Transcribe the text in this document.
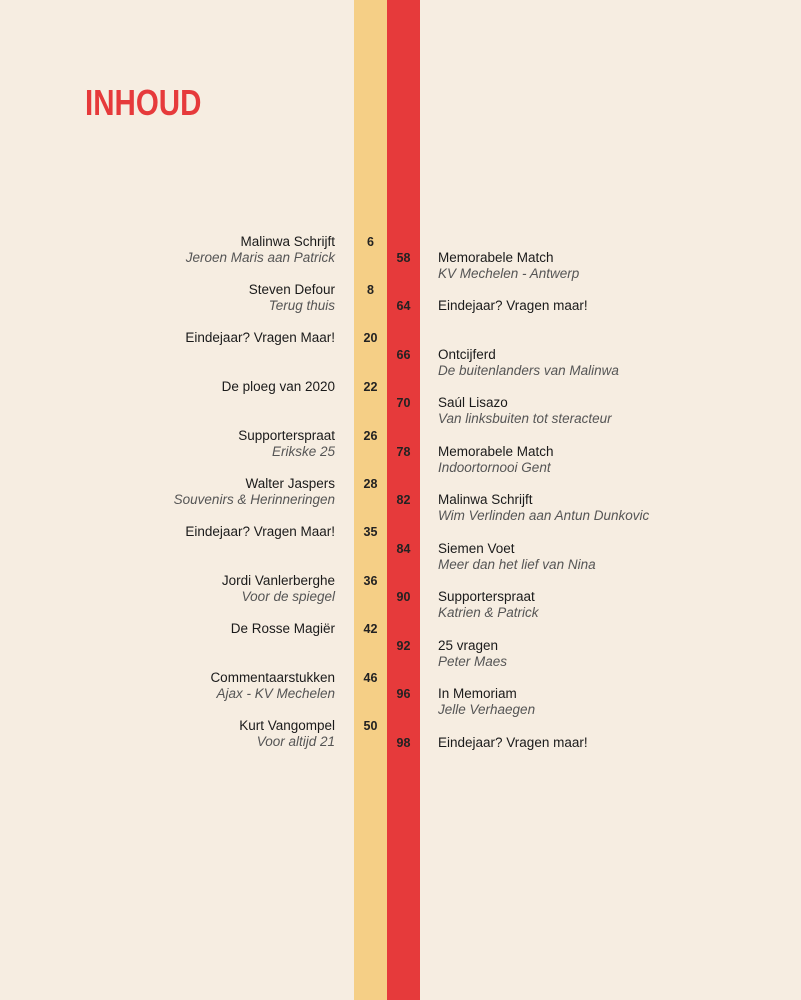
INHOUD
Malinwa Schrijft
Jeroen Maris aan Patrick
6
Steven Defour
Terug thuis
8
Eindejaar? Vragen Maar!	20
De ploeg van 2020	22
Supporterspraat
Erikske 25
26
Walter Jaspers
Souvenirs & Herinneringen
28
Eindejaar? Vragen Maar!	35
Jordi Vanlerberghe
Voor de spiegel
36
De Rosse Magiër	42
Commentaarstukken
Ajax - KV Mechelen
46
Kurt Vangompel
Voor altijd 21
50
58	Memorabele Match
KV Mechelen - Antwerp
64	Eindejaar? Vragen maar!
66	Ontcijferd
De buitenlanders van Malinwa
70	Saúl Lisazo
Van linksbuiten tot steracteur
78	Memorabele Match
Indoortornooi Gent
82	Malinwa Schrijft
Wim Verlinden aan Antun Dunkovic
84	Siemen Voet
Meer dan het lief van Nina
90	Supporterspraat
Katrien & Patrick
92	25 vragen
Peter Maes
96	In Memoriam
Jelle Verhaegen
98	Eindejaar? Vragen maar!
